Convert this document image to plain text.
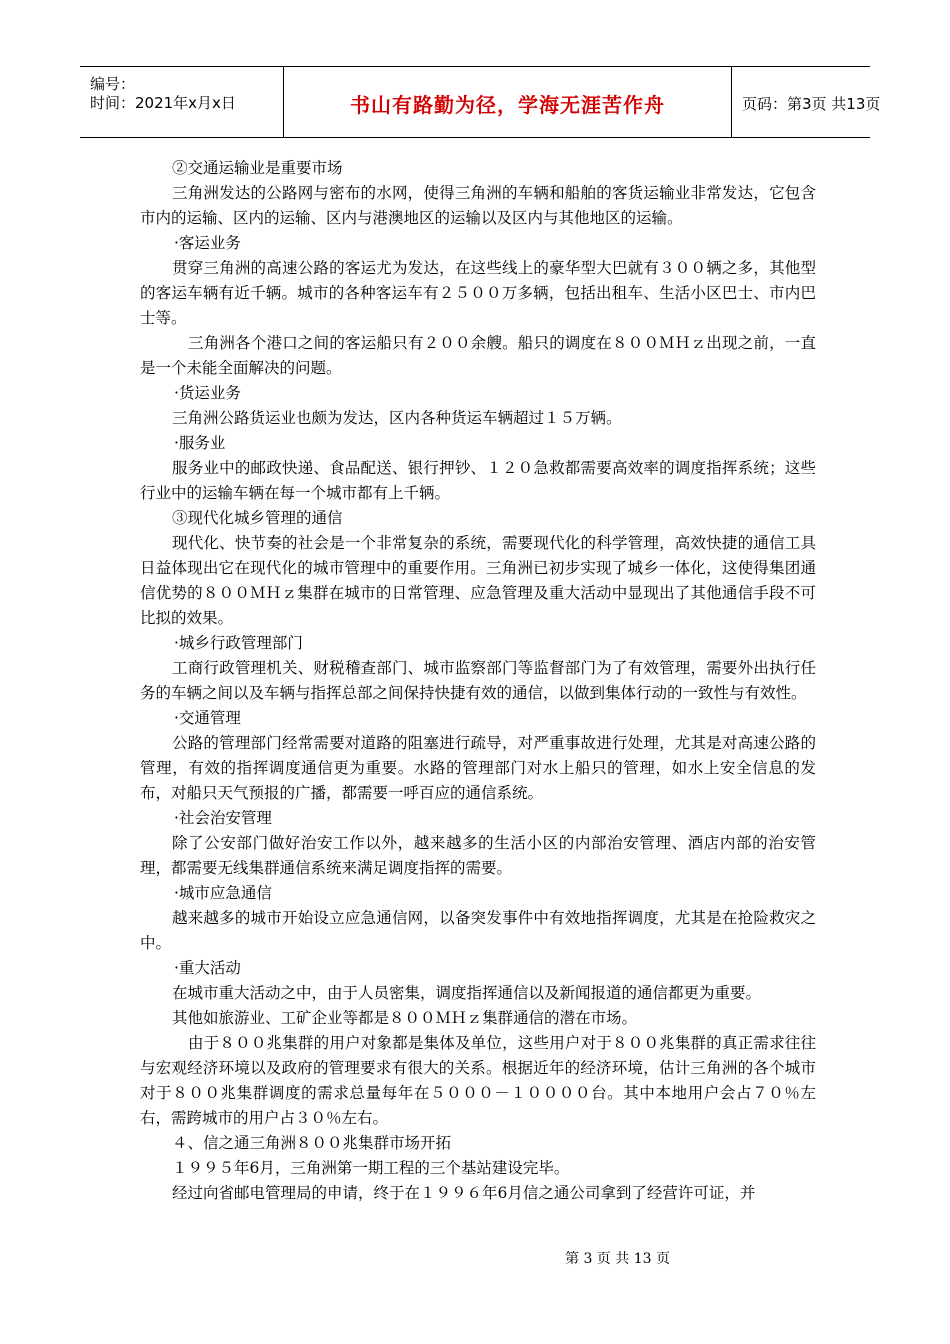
编号：
时间：2021年x月x日	书山有路勤为径，学海无涯苦作舟	页码：第3页 共13页

②交通运输业是重要市场

三角洲发达的公路网与密布的水网，使得三角洲的车辆和船舶的客货运输业非常发达，它包含市内的运输、区内的运输、区内与港澳地区的运输以及区内与其他地区的运输。

·客运业务

贯穿三角洲的高速公路的客运尤为发达，在这些线上的豪华型大巴就有３００辆之多，其他型的客运车辆有近千辆。城市的各种客运车有２５００万多辆，包括出租车、生活小区巴士、市内巴士等。

三角洲各个港口之间的客运船只有２００余艘。船只的调度在８００ＭＨｚ出现之前，一直是一个未能全面解决的问题。

·货运业务

三角洲公路货运业也颇为发达，区内各种货运车辆超过１５万辆。

·服务业

服务业中的邮政快递、食品配送、银行押钞、１２０急救都需要高效率的调度指挥系统；这些行业中的运输车辆在每一个城市都有上千辆。

③现代化城乡管理的通信

现代化、快节奏的社会是一个非常复杂的系统，需要现代化的科学管理，高效快捷的通信工具日益体现出它在现代化的城市管理中的重要作用。三角洲已初步实现了城乡一体化，这使得集团通信优势的８００ＭＨｚ集群在城市的日常管理、应急管理及重大活动中显现出了其他通信手段不可比拟的效果。

·城乡行政管理部门

工商行政管理机关、财税稽查部门、城市监察部门等监督部门为了有效管理，需要外出执行任务的车辆之间以及车辆与指挥总部之间保持快捷有效的通信，以做到集体行动的一致性与有效性。

·交通管理

公路的管理部门经常需要对道路的阻塞进行疏导，对严重事故进行处理，尤其是对高速公路的管理，有效的指挥调度通信更为重要。水路的管理部门对水上船只的管理，如水上安全信息的发布，对船只天气预报的广播，都需要一呼百应的通信系统。

·社会治安管理

除了公安部门做好治安工作以外，越来越多的生活小区的内部治安管理、酒店内部的治安管理，都需要无线集群通信系统来满足调度指挥的需要。

·城市应急通信

越来越多的城市开始设立应急通信网，以备突发事件中有效地指挥调度，尤其是在抢险救灾之中。

·重大活动

在城市重大活动之中，由于人员密集，调度指挥通信以及新闻报道的通信都更为重要。

其他如旅游业、工矿企业等都是８００ＭＨｚ集群通信的潜在市场。

由于８００兆集群的用户对象都是集体及单位，这些用户对于８００兆集群的真正需求往往与宏观经济环境以及政府的管理要求有很大的关系。根据近年的经济环境，估计三角洲的各个城市对于８００兆集群调度的需求总量每年在５０００－１００００台。其中本地用户会占７０％左右，需跨城市的用户占３０％左右。

４、信之通三角洲８００兆集群市场开拓

１９９５年6月，三角洲第一期工程的三个基站建设完毕。

经过向省邮电管理局的申请，终于在１９９６年6月信之通公司拿到了经营许可证，并

第 3 页 共 13 页
